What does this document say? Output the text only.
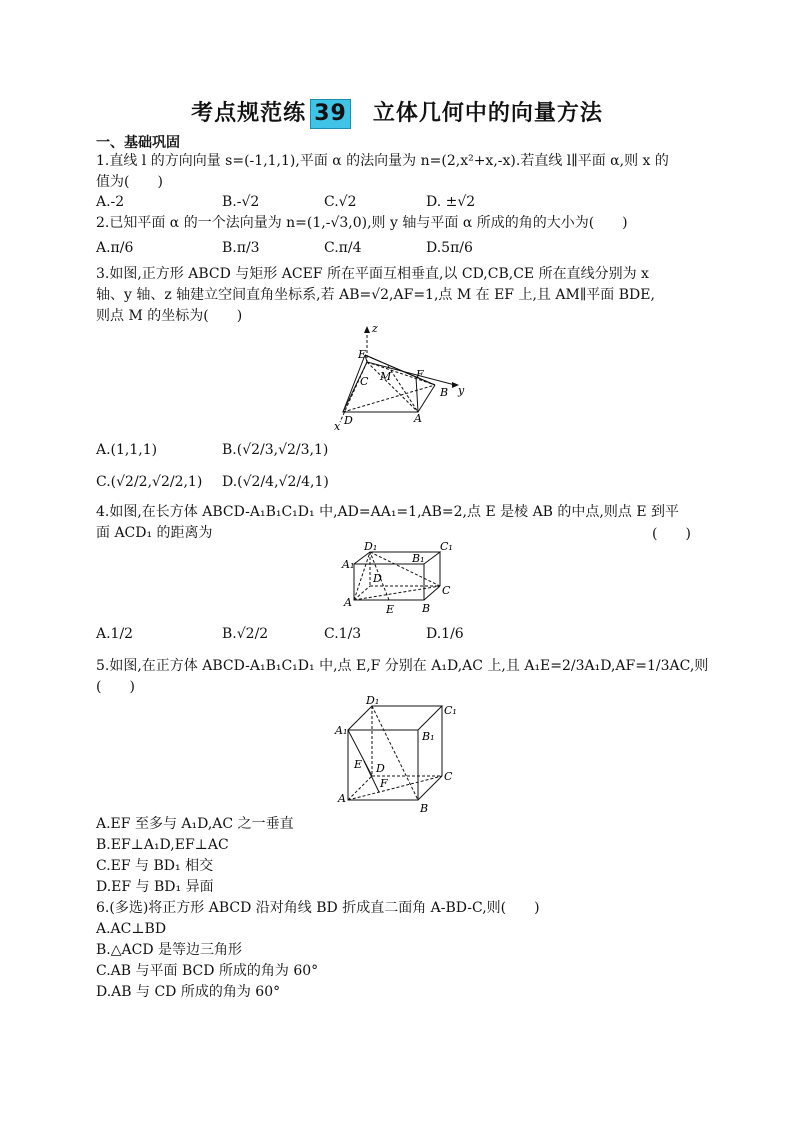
考点规范练 39 立体几何中的向量方法
一、基础巩固
1.直线 l 的方向向量 s=(-1,1,1),平面 α 的法向量为 n=(2,x²+x,-x).若直线 l∥平面 α,则 x 的
值为(　　)
A.-2	B.-√2	C.√2	D. ±√2
2.已知平面 α 的一个法向量为 n=(1,-√3,0),则 y 轴与平面 α 所成的角的大小为(　　)
A.π/6	B.π/3	C.π/4	D.5π/6
3.如图,正方形 ABCD 与矩形 ACEF 所在平面互相垂直,以 CD,CB,CE 所在直线分别为 x
轴、y 轴、z 轴建立空间直角坐标系,若 AB=√2,AF=1,点 M 在 EF 上,且 AM∥平面 BDE,
则点 M 的坐标为(　　)
z
E
M F
C
y
B
D	A
x
A.(1,1,1)	B.(√2/3,√2/3,1)
C.(√2/2,√2/2,1) D.(√2/4,√2/4,1)
4.如图,在长方体 ABCD-A₁B₁C₁D₁ 中,AD=AA₁=1,AB=2,点 E 是棱 AB 的中点,则点 E 到平
面 ACD₁ 的距离为	(　　)
D₁	C₁
A₁	B₁
D
C
A
E	B
A.1/2	B.√2/2	C.1/3	D.1/6
5.如图,在正方体 ABCD-A₁B₁C₁D₁ 中,点 E,F 分别在 A₁D,AC 上,且 A₁E=2/3A₁D,AF=1/3AC,则
(　　)
D₁
C₁
A₁	B₁
E D
F
C
A
B
A.EF 至多与 A₁D,AC 之一垂直
B.EF⊥A₁D,EF⊥AC
C.EF 与 BD₁ 相交
D.EF 与 BD₁ 异面
6.(多选)将正方形 ABCD 沿对角线 BD 折成直二面角 A-BD-C,则(　　)
A.AC⊥BD
B.△ACD 是等边三角形
C.AB 与平面 BCD 所成的角为 60°
D.AB 与 CD 所成的角为 60°
